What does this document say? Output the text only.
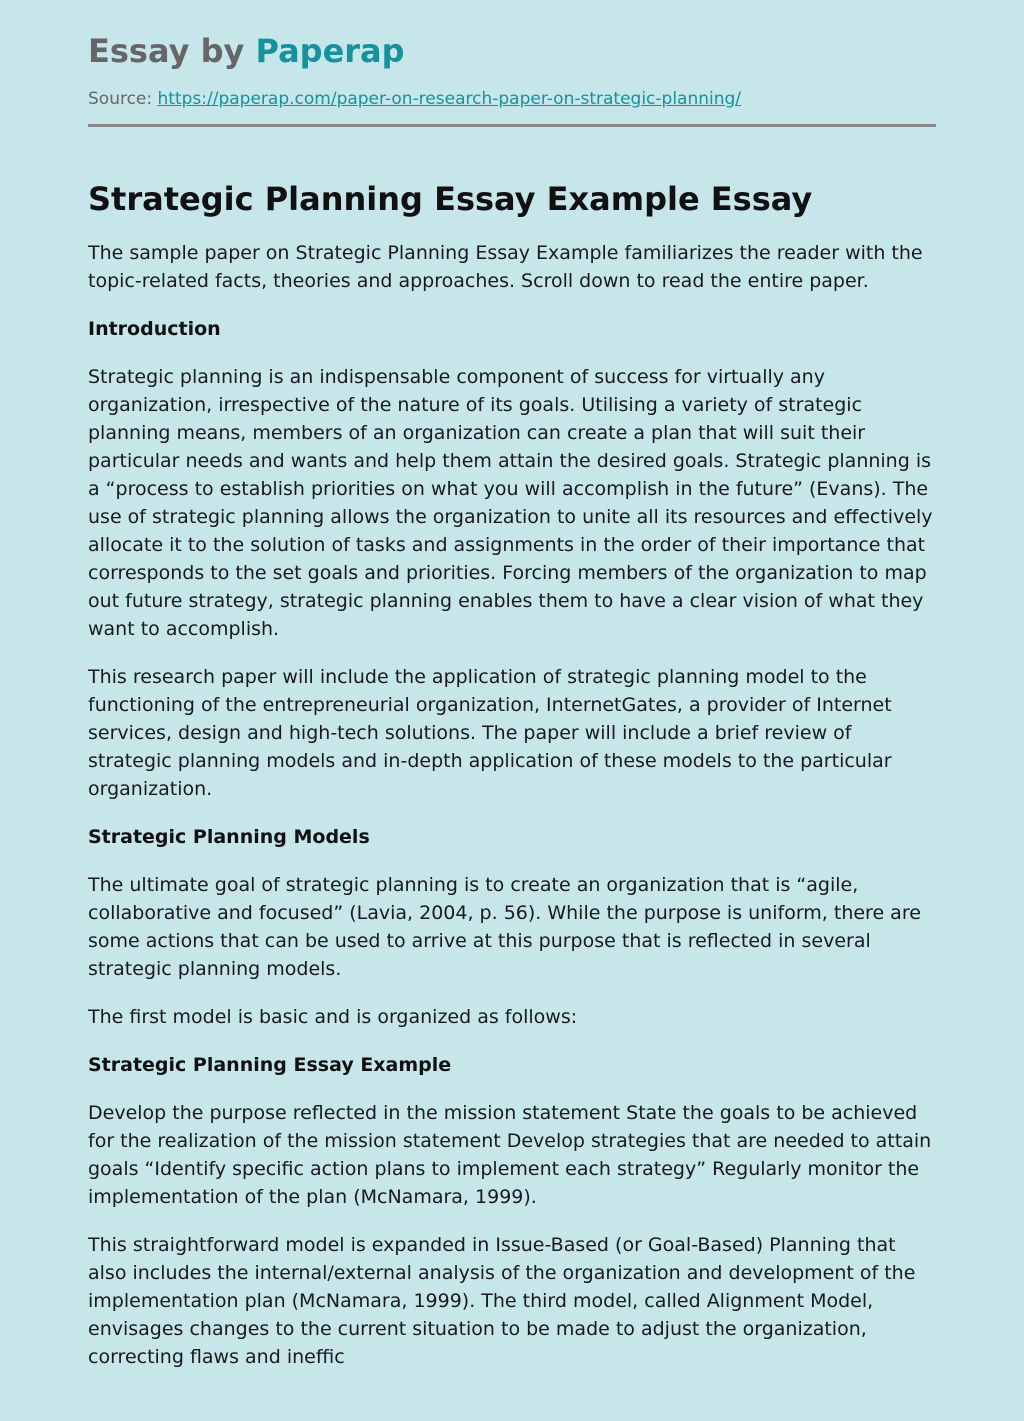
Essay by Paperap
Source: https://paperap.com/paper-on-research-paper-on-strategic-planning/
Strategic Planning Essay Example Essay

The sample paper on Strategic Planning Essay Example familiarizes the reader with the topic-related facts, theories and approaches. Scroll down to read the entire paper.

Introduction

Strategic planning is an indispensable component of success for virtually any organization, irrespective of the nature of its goals. Utilising a variety of strategic planning means, members of an organization can create a plan that will suit their particular needs and wants and help them attain the desired goals. Strategic planning is a “process to establish priorities on what you will accomplish in the future” (Evans). The use of strategic planning allows the organization to unite all its resources and effectively allocate it to the solution of tasks and assignments in the order of their importance that corresponds to the set goals and priorities. Forcing members of the organization to map out future strategy, strategic planning enables them to have a clear vision of what they want to accomplish.

This research paper will include the application of strategic planning model to the functioning of the entrepreneurial organization, InternetGates, a provider of Internet services, design and high-tech solutions. The paper will include a brief review of strategic planning models and in-depth application of these models to the particular organization.

Strategic Planning Models

The ultimate goal of strategic planning is to create an organization that is “agile, collaborative and focused” (Lavia, 2004, p. 56). While the purpose is uniform, there are some actions that can be used to arrive at this purpose that is reflected in several strategic planning models.

The first model is basic and is organized as follows:

Strategic Planning Essay Example

Develop the purpose reflected in the mission statement State the goals to be achieved for the realization of the mission statement Develop strategies that are needed to attain goals “Identify specific action plans to implement each strategy” Regularly monitor the implementation of the plan (McNamara, 1999).

This straightforward model is expanded in Issue-Based (or Goal-Based) Planning that also includes the internal/external analysis of the organization and development of the implementation plan (McNamara, 1999). The third model, called Alignment Model, envisages changes to the current situation to be made to adjust the organization, correcting flaws and ineffic
